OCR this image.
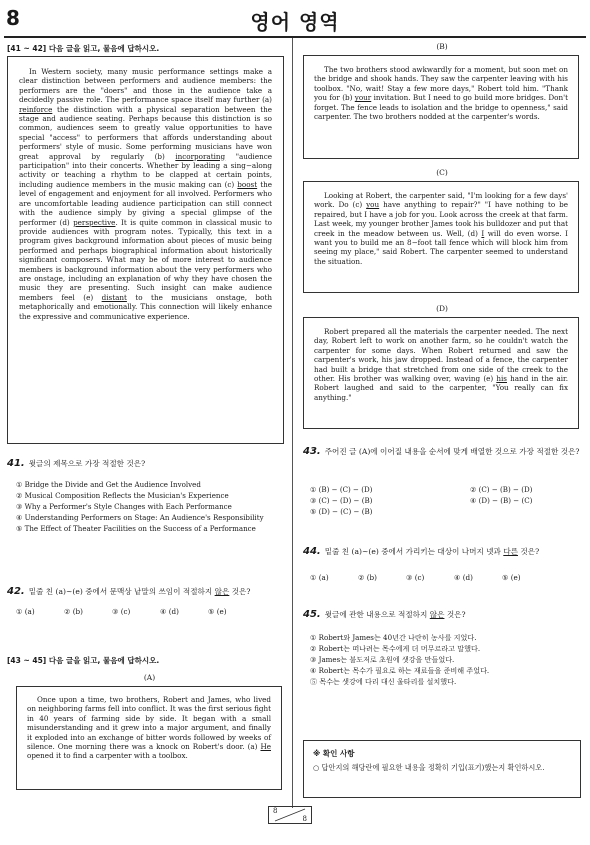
8	영어 영역
[41 ~ 42] 다음 글을 읽고, 물음에 답하시오.

In Western society, many music performance settings make a clear distinction between performers and audience members: the performers are the "doers" and those in the audience take a decidedly passive role. The performance space itself may further (a) reinforce the distinction with a physical separation between the stage and audience seating. Perhaps because this distinction is so common, audiences seem to greatly value opportunities to have special "access" to performers that affords understanding about performers' style of music. Some performing musicians have won great approval by regularly (b) incorporating "audience participation" into their concerts. Whether by leading a sing−along activity or teaching a rhythm to be clapped at certain points, including audience members in the music making can (c) boost the level of engagement and enjoyment for all involved. Performers who are uncomfortable leading audience participation can still connect with the audience simply by giving a special glimpse of the performer (d) perspective. It is quite common in classical music to provide audiences with program notes. Typically, this text in a program gives background information about pieces of music being performed and perhaps biographical information about historically significant composers. What may be of more interest to audience members is background information about the very performers who are onstage, including an explanation of why they have chosen the music they are presenting. Such insight can make audience members feel (e) distant to the musicians onstage, both metaphorically and emotionally. This connection will likely enhance the expressive and communicative experience.

41. 윗글의 제목으로 가장 적절한 것은?
① Bridge the Divide and Get the Audience Involved
② Musical Composition Reflects the Musician's Experience
③ Why a Performer's Style Changes with Each Performance
④ Understanding Performers on Stage: An Audience's Responsibility
⑤ The Effect of Theater Facilities on the Success of a Performance
42. 밑줄 친 (a)~(e) 중에서 문맥상 낱말의 쓰임이 적절하지 않은 것은?
① (a)	② (b)	③ (c)	④ (d)	⑤ (e)
[43 ~ 45] 다음 글을 읽고, 물음에 답하시오.
(A)

Once upon a time, two brothers, Robert and James, who lived on neighboring farms fell into conflict. It was the first serious fight in 40 years of farming side by side. It began with a small misunderstanding and it grew into a major argument, and finally it exploded into an exchange of bitter words followed by weeks of silence. One morning there was a knock on Robert's door. (a) He opened it to find a carpenter with a toolbox.

(B)

The two brothers stood awkwardly for a moment, but soon met on the bridge and shook hands. They saw the carpenter leaving with his toolbox. "No, wait! Stay a few more days," Robert told him. "Thank you for (b) your invitation. But I need to go build more bridges. Don't forget. The fence leads to isolation and the bridge to openness," said carpenter. The two brothers nodded at the carpenter's words.

(C)

Looking at Robert, the carpenter said, "I'm looking for a few days' work. Do (c) you have anything to repair?" "I have nothing to be repaired, but I have a job for you. Look across the creek at that farm. Last week, my younger brother James took his bulldozer and put that creek in the meadow between us. Well, (d) I will do even worse. I want you to build me an 8−foot tall fence which will block him from seeing my place," said Robert. The carpenter seemed to understand the situation.

(D)

Robert prepared all the materials the carpenter needed. The next day, Robert left to work on another farm, so he couldn't watch the carpenter for some days. When Robert returned and saw the carpenter's work, his jaw dropped. Instead of a fence, the carpenter had built a bridge that stretched from one side of the creek to the other. His brother was walking over, waving (e) his hand in the air. Robert laughed and said to the carpenter, "You really can fix anything."

43. 주어진 글 (A)에 이어질 내용을 순서에 맞게 배열한 것으로 가장 적절한 것은?
① (B) − (C) − (D)	② (C) − (B) − (D)
③ (C) − (D) − (B)	④ (D) − (B) − (C)
⑤ (D) − (C) − (B)
44. 밑줄 친 (a)~(e) 중에서 가리키는 대상이 나머지 넷과 다른 것은?
① (a)	② (b)	③ (c)	④ (d)	⑤ (e)
45. 윗글에 관한 내용으로 적절하지 않은 것은?
① Robert와 James는 40년간 나란히 농사를 지었다.
② Robert는 떠나려는 목수에게 더 머무르라고 말했다.
③ James는 불도저로 초원에 샛강을 만들었다.
④ Robert는 목수가 필요로 하는 재료들을 준비해 주었다.
⑤ 목수는 샛강에 다리 대신 울타리를 설치했다.
※ 확인 사항
○ 답안지의 해당란에 필요한 내용을 정확히 기입(표기)했는지 확인하시오.
8
8
